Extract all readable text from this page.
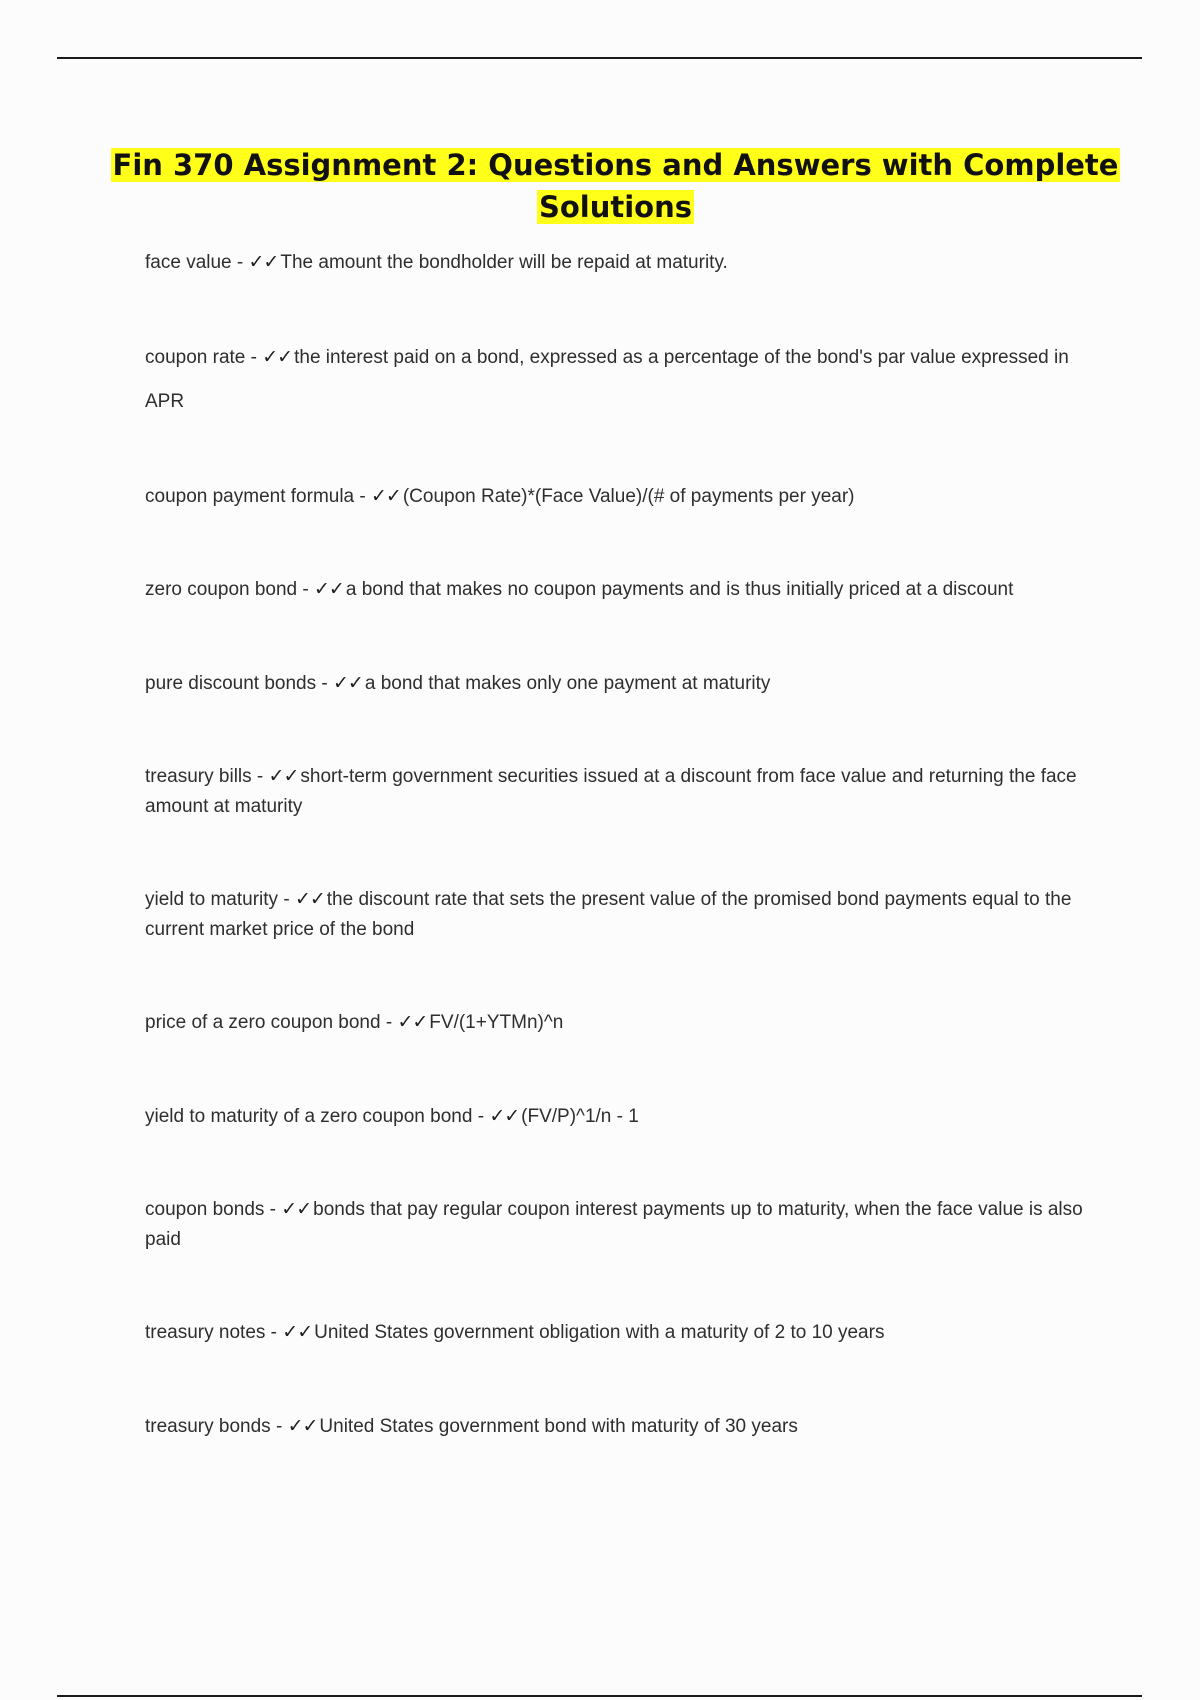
Fin 370 Assignment 2: Questions and Answers with Complete Solutions
face value - ✓✓ The amount the bondholder will be repaid at maturity.
coupon rate - ✓✓ the interest paid on a bond, expressed as a percentage of the bond's par value expressed in APR
coupon payment formula - ✓✓ (Coupon Rate)*(Face Value)/(# of payments per year)
zero coupon bond - ✓✓ a bond that makes no coupon payments and is thus initially priced at a discount
pure discount bonds - ✓✓ a bond that makes only one payment at maturity
treasury bills - ✓✓ short-term government securities issued at a discount from face value and returning the face amount at maturity
yield to maturity - ✓✓ the discount rate that sets the present value of the promised bond payments equal to the current market price of the bond
price of a zero coupon bond - ✓✓ FV/(1+YTMn)^n
yield to maturity of a zero coupon bond - ✓✓ (FV/P)^1/n - 1
coupon bonds - ✓✓ bonds that pay regular coupon interest payments up to maturity, when the face value is also paid
treasury notes - ✓✓ United States government obligation with a maturity of 2 to 10 years
treasury bonds - ✓✓ United States government bond with maturity of 30 years
